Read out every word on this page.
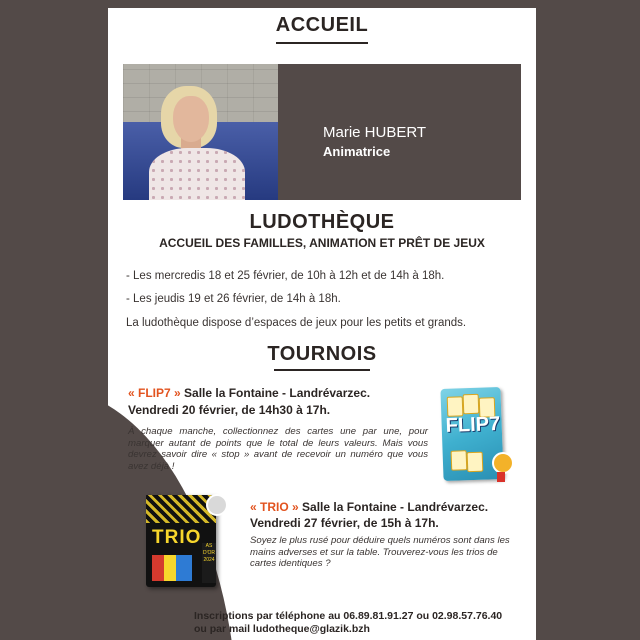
ACCUEIL
Marie HUBERT
Animatrice
LUDOTHÈQUE
ACCUEIL DES FAMILLES, ANIMATION ET PRÊT DE JEUX
- Les mercredis 18 et 25 février, de 10h à 12h et de 14h à 18h.
- Les jeudis 19 et 26 février, de 14h à 18h.
La ludothèque dispose d’espaces de jeux pour les petits et grands.
TOURNOIS
« FLIP7 » Salle la Fontaine - Landrévarzec.
Vendredi 20 février, de 14h30 à 17h.
À chaque manche, collectionnez des cartes une par une, pour marquer autant de points que le total de leurs valeurs. Mais vous devrez savoir dire « stop » avant de recevoir un numéro que vous avez déjà !
FLIP7
« TRIO » Salle la Fontaine - Landrévarzec.
Vendredi 27 février, de 15h à 17h.
Soyez le plus rusé pour déduire quels numéros sont dans les mains adverses et sur la table. Trouverez-vous les trios de cartes identiques ?
TRIO AS D'OR 2024
Inscriptions par téléphone au 06.89.81.91.27 ou 02.98.57.76.40
ou par mail ludotheque@glazik.bzh
